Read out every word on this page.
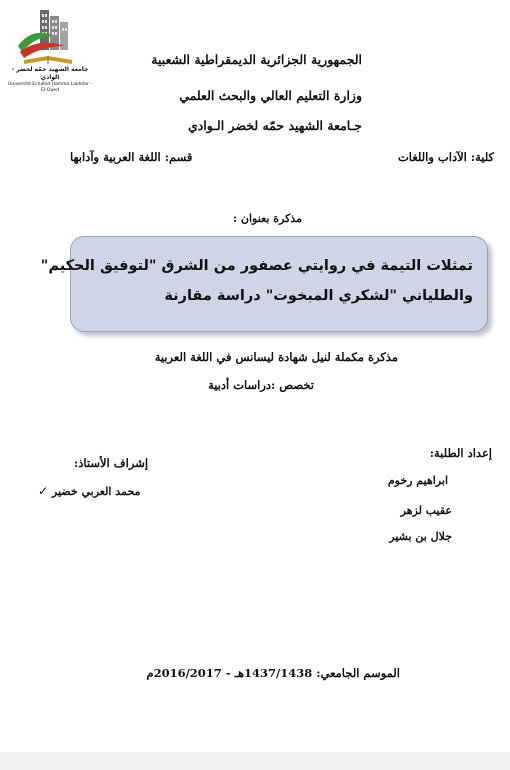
جامعة الشهيد حمّه لخضر - الوادي
Université Echahid Hamma Lakhdar - El-Oued
الجمهورية الجزائرية الديمقراطية الشعبية
وزارة التعليم العالي والبحث العلمي
جـامعة الشهيد حمّه لخضر الـوادي
كلية: الآداب واللغات
قسم: اللغة العربية وآدابها
مذكرة بعنوان :
تمثلات التيمة في روايتي عصفور من الشرق "لتوفيق الحكيم"
والطلياني "لشكري المبخوت" دراسة مقارنة
مذكرة مكملة لنيل شهادة ليسانس في اللغة العربية
تخصص :دراسات أدبية
إعداد الطلبة:
ابراهيم رخوم
عقيب لزهر
جلال بن بشير
إشراف الأستاذ:
✓ محمد العربي خضير
الموسم الجامعي: 1437/1438هـ - 2016/2017م
